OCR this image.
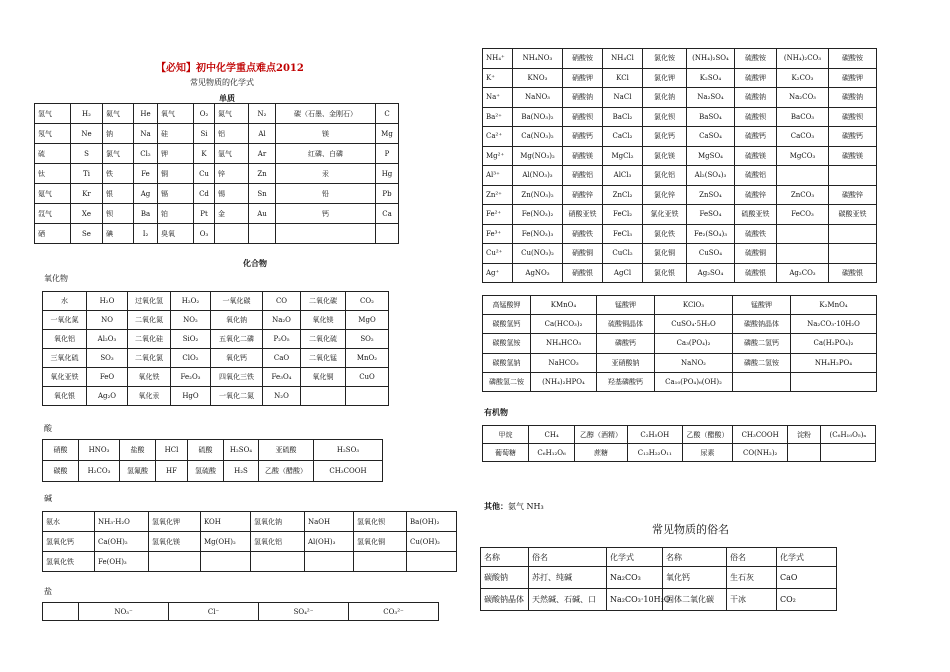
【必知】初中化学重点难点2012
常见物质的化学式
单质
氢气	H₂	氦气	He	氧气	O₂	氮气	N₂	碳（石墨、金刚石）	C
氖气	Ne	钠	Na	硅	Si	铝	Al	镁	Mg
硫	S	氯气	Cl₂	钾	K	氩气	Ar	红磷、白磷	P
钛	Ti	铁	Fe	铜	Cu	锌	Zn	汞	Hg
氪气	Kr	银	Ag	镉	Cd	锡	Sn	铅	Pb
氙气	Xe	钡	Ba	铂	Pt	金	Au	钙	Ca
硒	Se	碘	I₂	臭氧	O₃				
化合物
氧化物
水	H₂O	过氧化氢	H₂O₂	一氧化碳	CO	二氧化碳	CO₂
一氧化氮	NO	二氧化氮	NO₂	氧化钠	Na₂O	氧化镁	MgO
氧化铝	Al₂O₃	二氧化硅	SiO₂	五氧化二磷	P₂O₅	二氧化硫	SO₂
三氧化硫	SO₃	二氧化氯	ClO₂	氧化钙	CaO	二氧化锰	MnO₂
氧化亚铁	FeO	氧化铁	Fe₂O₃	四氧化三铁	Fe₃O₄	氧化铜	CuO
氧化银	Ag₂O	氧化汞	HgO	一氧化二氮	N₂O		
酸
硝酸	HNO₃	盐酸	HCl	硫酸	H₂SO₄	亚硫酸	H₂SO₃
碳酸	H₂CO₃	氢氟酸	HF	氢硫酸	H₂S	乙酸（醋酸）	CH₃COOH
碱
氨水	NH₃·H₂O	氢氧化钾	KOH	氢氧化钠	NaOH	氢氧化钡	Ba(OH)₂
氢氧化钙	Ca(OH)₂	氢氧化镁	Mg(OH)₂	氢氧化铝	Al(OH)₃	氢氧化铜	Cu(OH)₂
氢氧化铁	Fe(OH)₃						
盐
	NO₃⁻	Cl⁻	SO₄²⁻	CO₃²⁻
NH₄⁺	NH₄NO₃	硝酸铵	NH₄Cl	氯化铵	(NH₄)₂SO₄	硫酸铵	(NH₄)₂CO₃	碳酸铵
K⁺	KNO₃	硝酸钾	KCl	氯化钾	K₂SO₄	硫酸钾	K₂CO₃	碳酸钾
Na⁺	NaNO₃	硝酸钠	NaCl	氯化钠	Na₂SO₄	硫酸钠	Na₂CO₃	碳酸钠
Ba²⁺	Ba(NO₃)₂	硝酸钡	BaCl₂	氯化钡	BaSO₄	硫酸钡	BaCO₃	碳酸钡
Ca²⁺	Ca(NO₃)₂	硝酸钙	CaCl₂	氯化钙	CaSO₄	硫酸钙	CaCO₃	碳酸钙
Mg²⁺	Mg(NO₃)₂	硝酸镁	MgCl₂	氯化镁	MgSO₄	硫酸镁	MgCO₃	碳酸镁
Al³⁺	Al(NO₃)₃	硝酸铝	AlCl₃	氯化铝	Al₂(SO₄)₃	硫酸铝		
Zn²⁺	Zn(NO₃)₂	硝酸锌	ZnCl₂	氯化锌	ZnSO₄	硫酸锌	ZnCO₃	碳酸锌
Fe²⁺	Fe(NO₃)₂	硝酸亚铁	FeCl₂	氯化亚铁	FeSO₄	硫酸亚铁	FeCO₃	碳酸亚铁
Fe³⁺	Fe(NO₃)₃	硝酸铁	FeCl₃	氯化铁	Fe₂(SO₄)₃	硫酸铁		
Cu²⁺	Cu(NO₃)₂	硝酸铜	CuCl₂	氯化铜	CuSO₄	硫酸铜		
Ag⁺	AgNO₃	硝酸银	AgCl	氯化银	Ag₂SO₄	硫酸银	Ag₂CO₃	碳酸银
高锰酸钾	KMnO₄	锰酸钾	KClO₃	锰酸钾	K₂MnO₄
碳酸氢钙	Ca(HCO₃)₂	硫酸铜晶体	CuSO₄·5H₂O	碳酸钠晶体	Na₂CO₃·10H₂O
碳酸氢铵	NH₄HCO₃	磷酸钙	Ca₃(PO₄)₂	磷酸二氢钙	Ca(H₂PO₄)₂
碳酸氢钠	NaHCO₃	亚硝酸钠	NaNO₂	磷酸二氢铵	NH₄H₂PO₄
磷酸氢二铵	(NH₄)₂HPO₄	羟基磷酸钙	Ca₁₀(PO₄)₆(OH)₂		
有机物
甲烷	CH₄	乙醇（酒精）	C₂H₅OH	乙酸（醋酸）	CH₃COOH	淀粉	(C₆H₁₀O₅)ₙ
葡萄糖	C₆H₁₂O₆	蔗糖	C₁₂H₂₂O₁₁	尿素	CO(NH₂)₂		
其他：氨气 NH₃
常见物质的俗名
名称	俗名	化学式	名称	俗名	化学式
碳酸钠	苏打、纯碱	Na₂CO₃	氧化钙	生石灰	CaO
碳酸钠晶体	天然碱、石碱、口	Na₂CO₃·10H₂O	固体二氧化碳	干冰	CO₂
